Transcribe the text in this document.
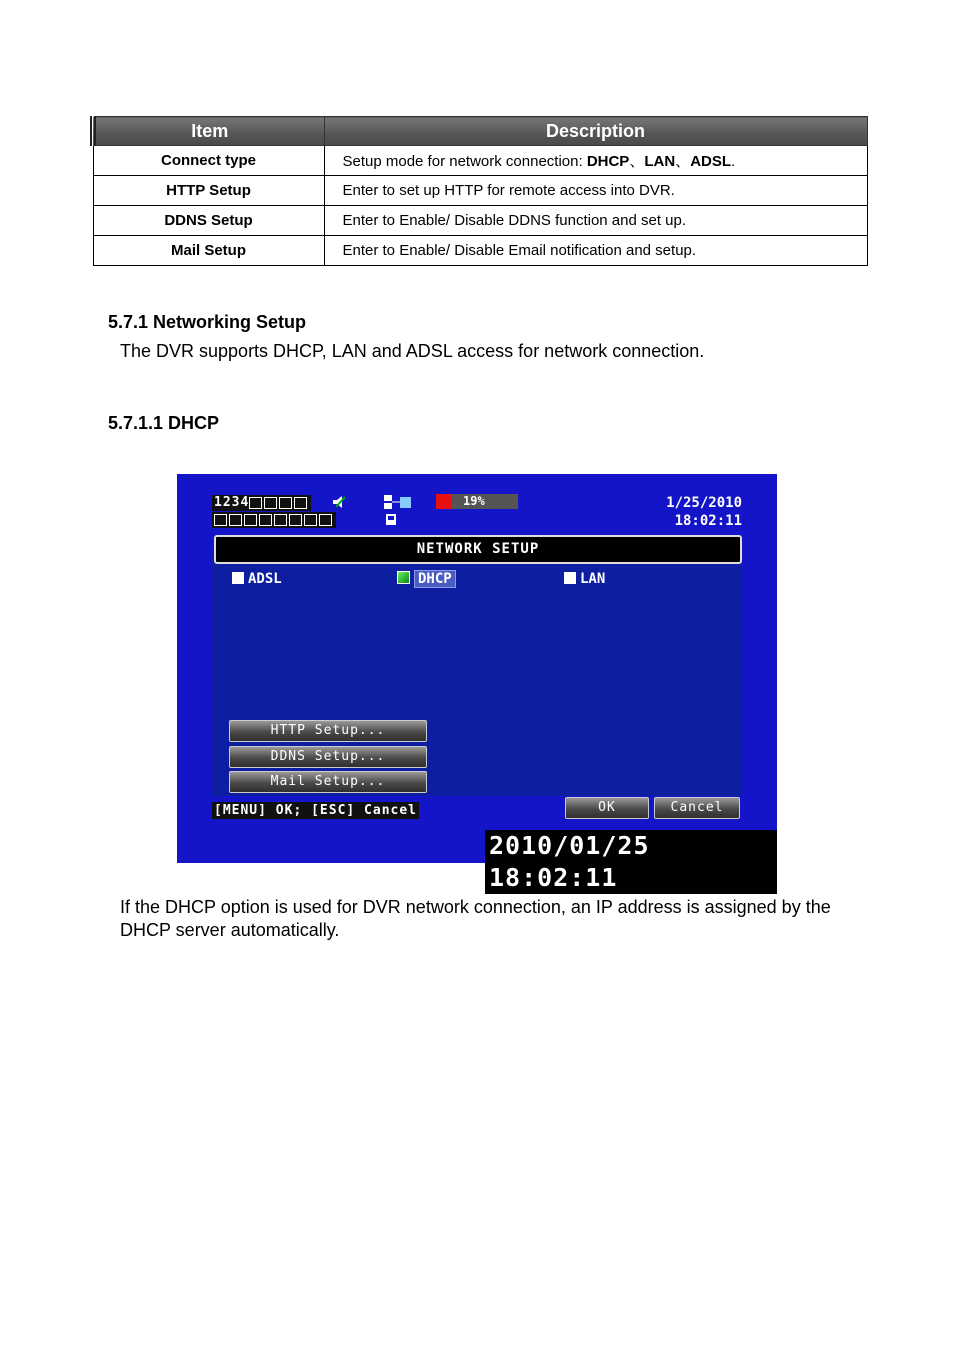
Item	Description
Connect type	Setup mode for network connection: DHCP、LAN、ADSL.
HTTP Setup	Enter to set up HTTP for remote access into DVR.
DDNS Setup	Enter to Enable/ Disable DDNS function and set up.
Mail Setup	Enter to Enable/ Disable Email notification and setup.
5.7.1 Networking Setup
The DVR supports DHCP, LAN and ADSL access for network connection.
5.7.1.1 DHCP
1234	19%	1/25/2010
18:02:11
NETWORK SETUP
ADSL	DHCP	LAN
HTTP Setup...
DDNS Setup...
Mail Setup...
[MENU] OK; [ESC] Cancel	OK	Cancel
2010/01/25 18:02:11
If the DHCP option is used for DVR network connection, an IP address is assigned by the DHCP server automatically.
